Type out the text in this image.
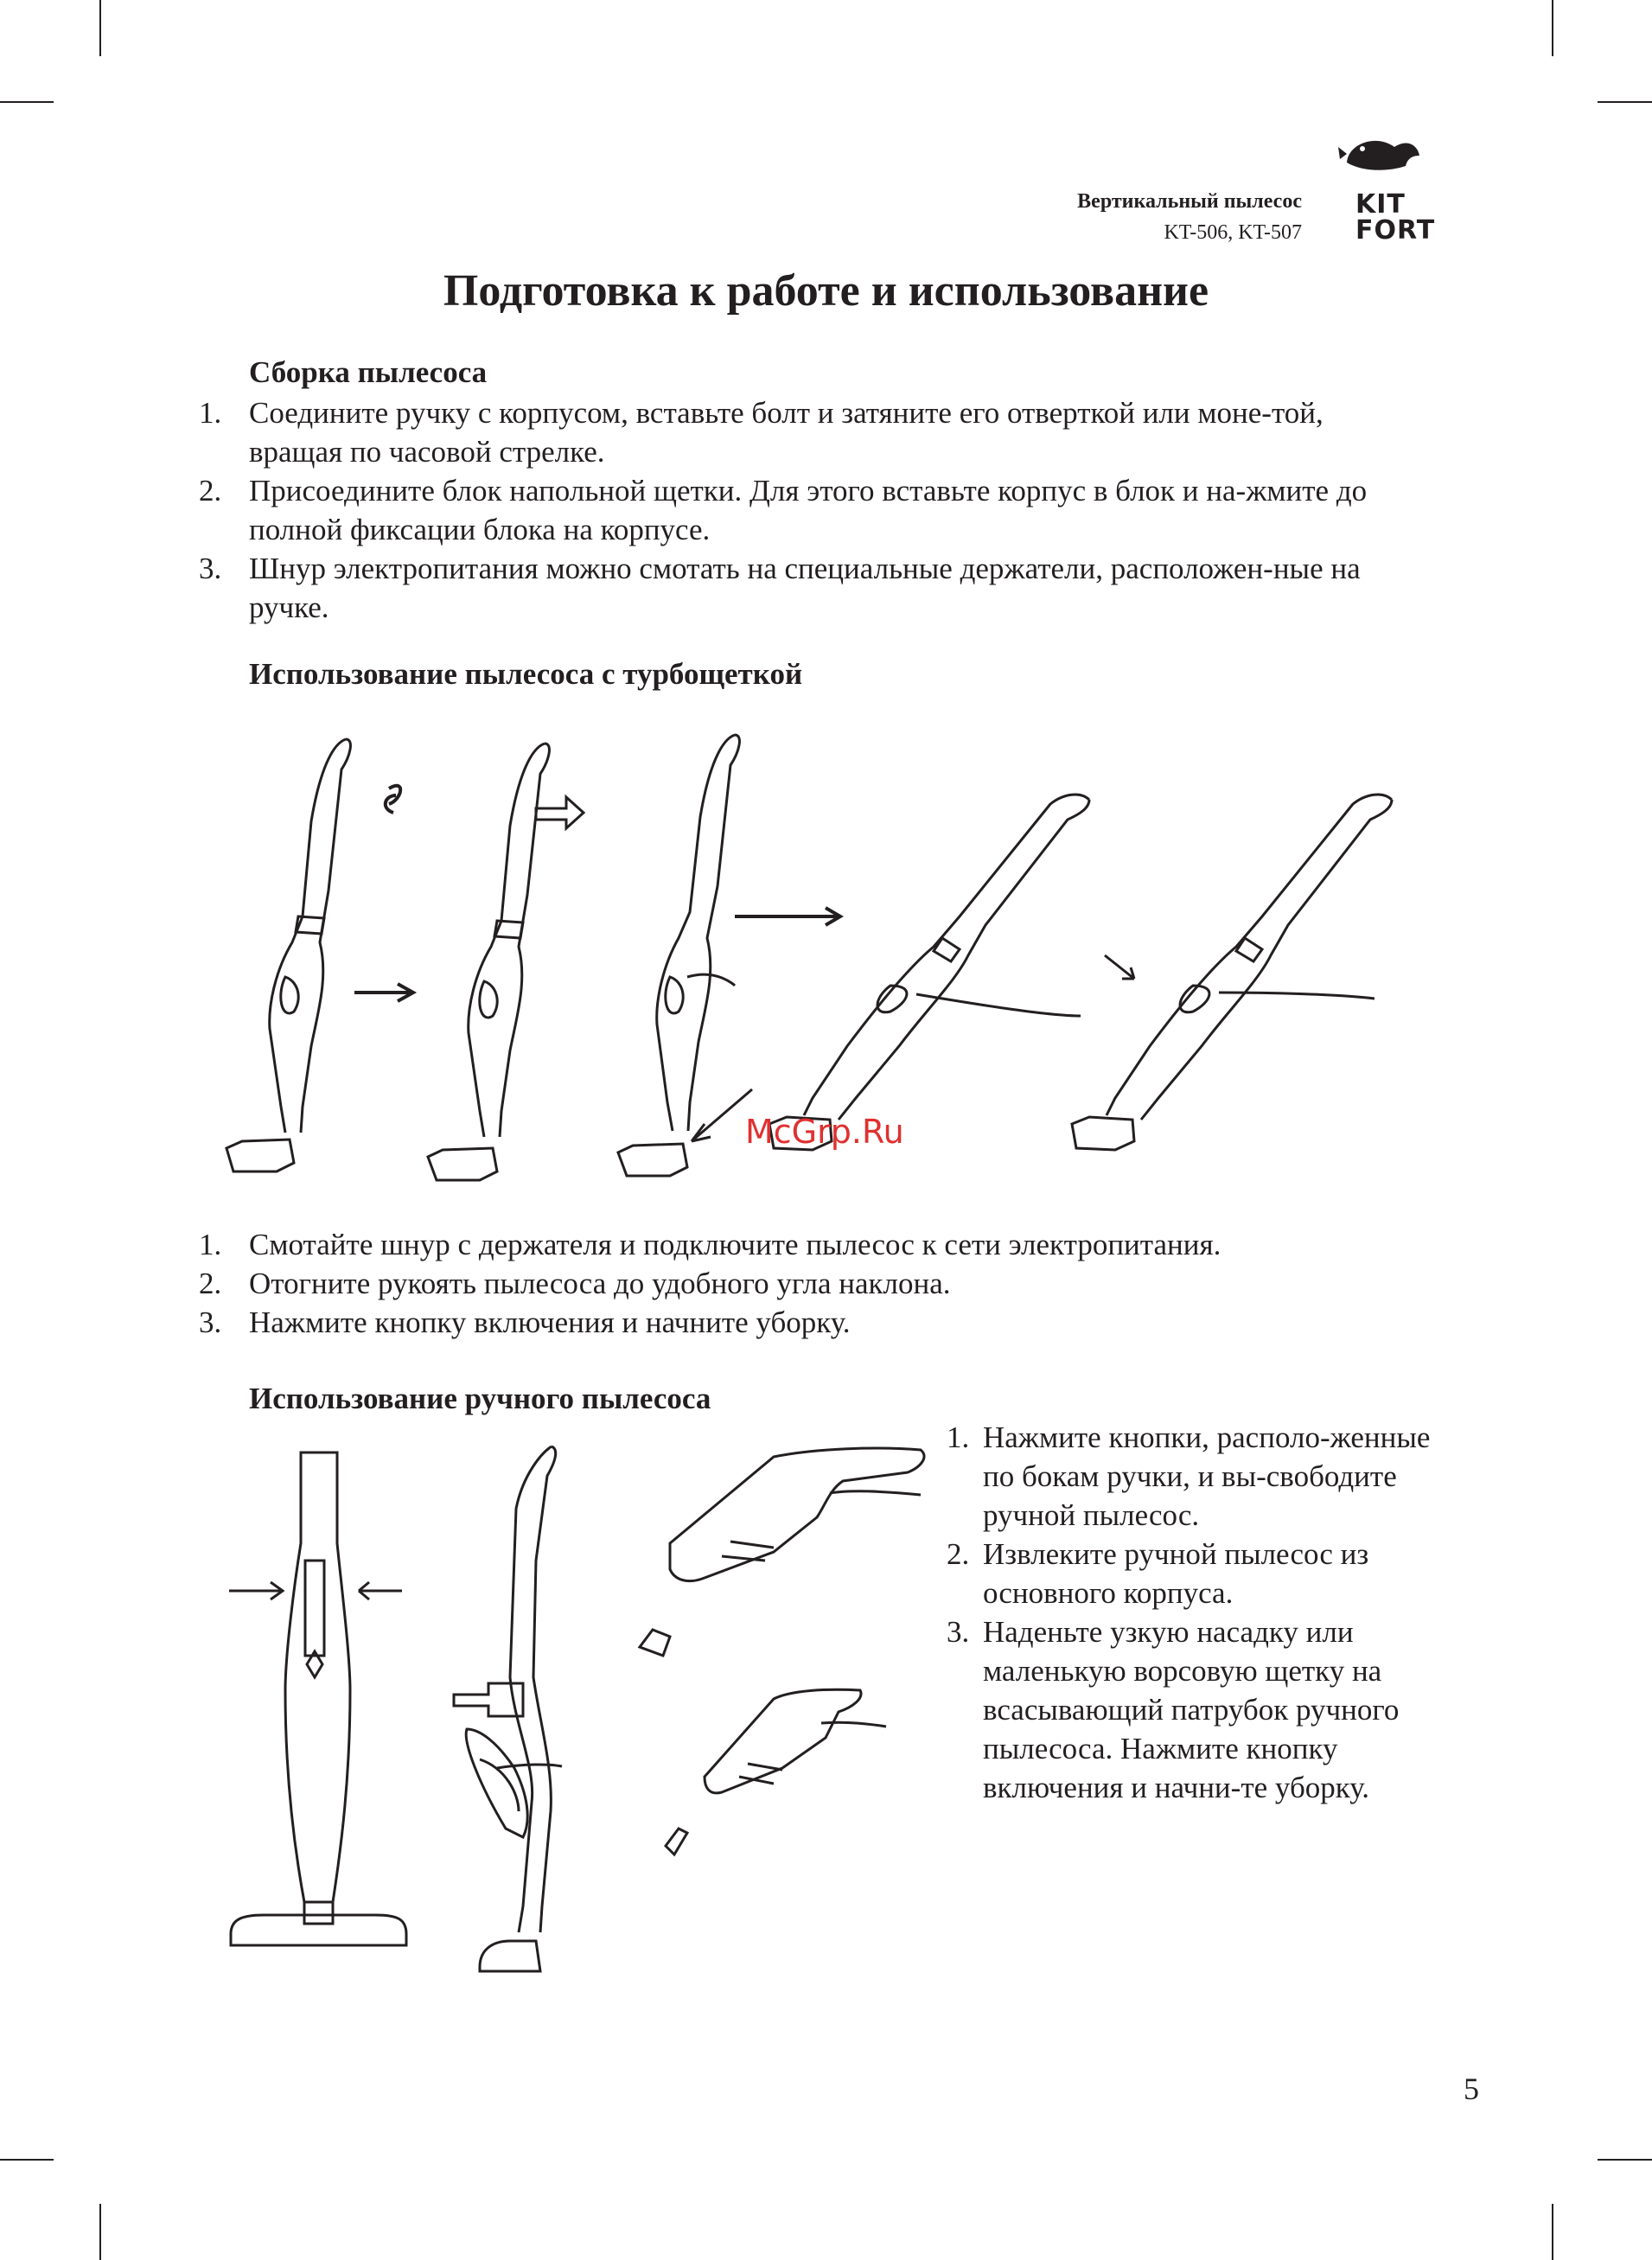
Вертикальный пылесос
KT-506, KT-507
KIT
FORT
Подготовка к работе и использование
Сборка пылесоса
1. Соедините ручку с корпусом, вставьте болт и затяните его отверткой или моне-той, вращая по часовой стрелке.
2. Присоедините блок напольной щетки. Для этого вставьте корпус в блок и на-жмите до полной фиксации блока на корпусе.
3. Шнур электропитания можно смотать на специальные держатели, расположен-ные на ручке.
Использование пылесоса с турбощеткой
McGrp.Ru
1. Смотайте шнур с держателя и подключите пылесос к сети электропитания.
2. Отогните рукоять пылесоса до удобного угла наклона.
3. Нажмите кнопку включения и начните уборку.
Использование ручного пылесоса
1. Нажмите кнопки, располо-женные по бокам ручки, и вы-свободите ручной пылесос.
2. Извлеките ручной пылесос из основного корпуса.
3. Наденьте узкую насадку или маленькую ворсовую щетку на всасывающий патрубок ручного пылесоса. Нажмите кнопку включения и начни-те уборку.
5
